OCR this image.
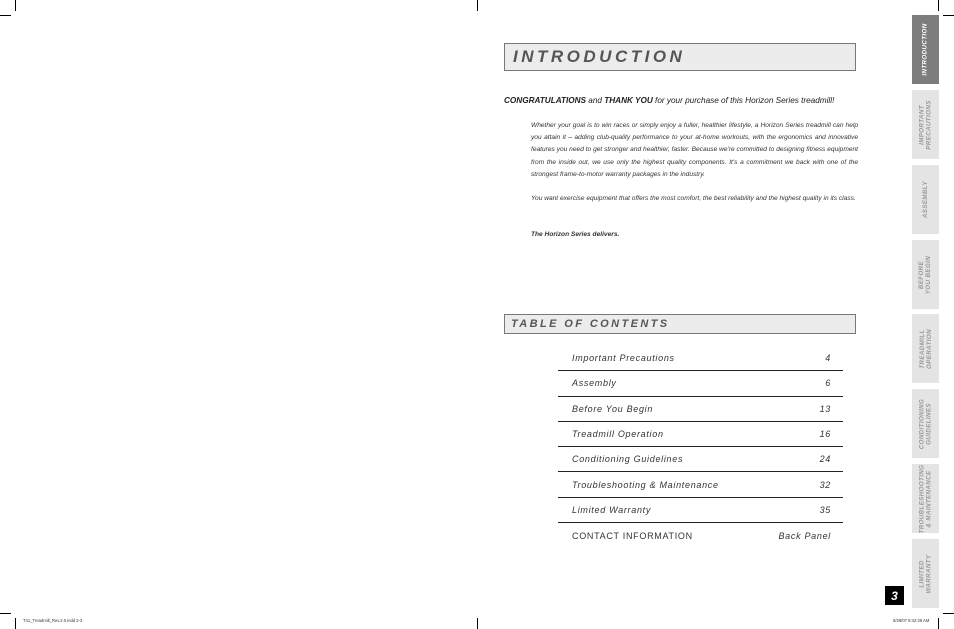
INTRODUCTION
CONGRATULATIONS and THANK YOU for your purchase of this Horizon Series treadmill!
Whether your goal is to win races or simply enjoy a fuller, healthier lifestyle, a Horizon Series treadmill can help you attain it – adding club-quality performance to your at-home workouts, with the ergonomics and innovative features you need to get stronger and healthier, faster. Because we're committed to designing fitness equipment from the inside out, we use only the highest quality components. It's a commitment we back with one of the strongest frame-to-motor warranty packages in the industry.
You want exercise equipment that offers the most comfort, the best reliability and the highest quality in its class.
The Horizon Series delivers.
TABLE OF CONTENTS
Important Precautions	4
Assembly	6
Before You Begin	13
Treadmill Operation	16
Conditioning Guidelines	24
Troubleshooting & Maintenance	32
Limited Warranty	35
CONTACT INFORMATION	Back Panel
INTRODUCTION
IMPORTANT PRECAUTIONS
ASSEMBLY
BEFORE YOU BEGIN
TREADMILL OPERATION
CONDITIONING GUIDELINES
TROUBLESHOOTING & MAINTENANCE
LIMITED WARRANTY
3
T41_Treadmill_Rev.2.0.indd 2-3	5/29/07 8:42:26 AM
